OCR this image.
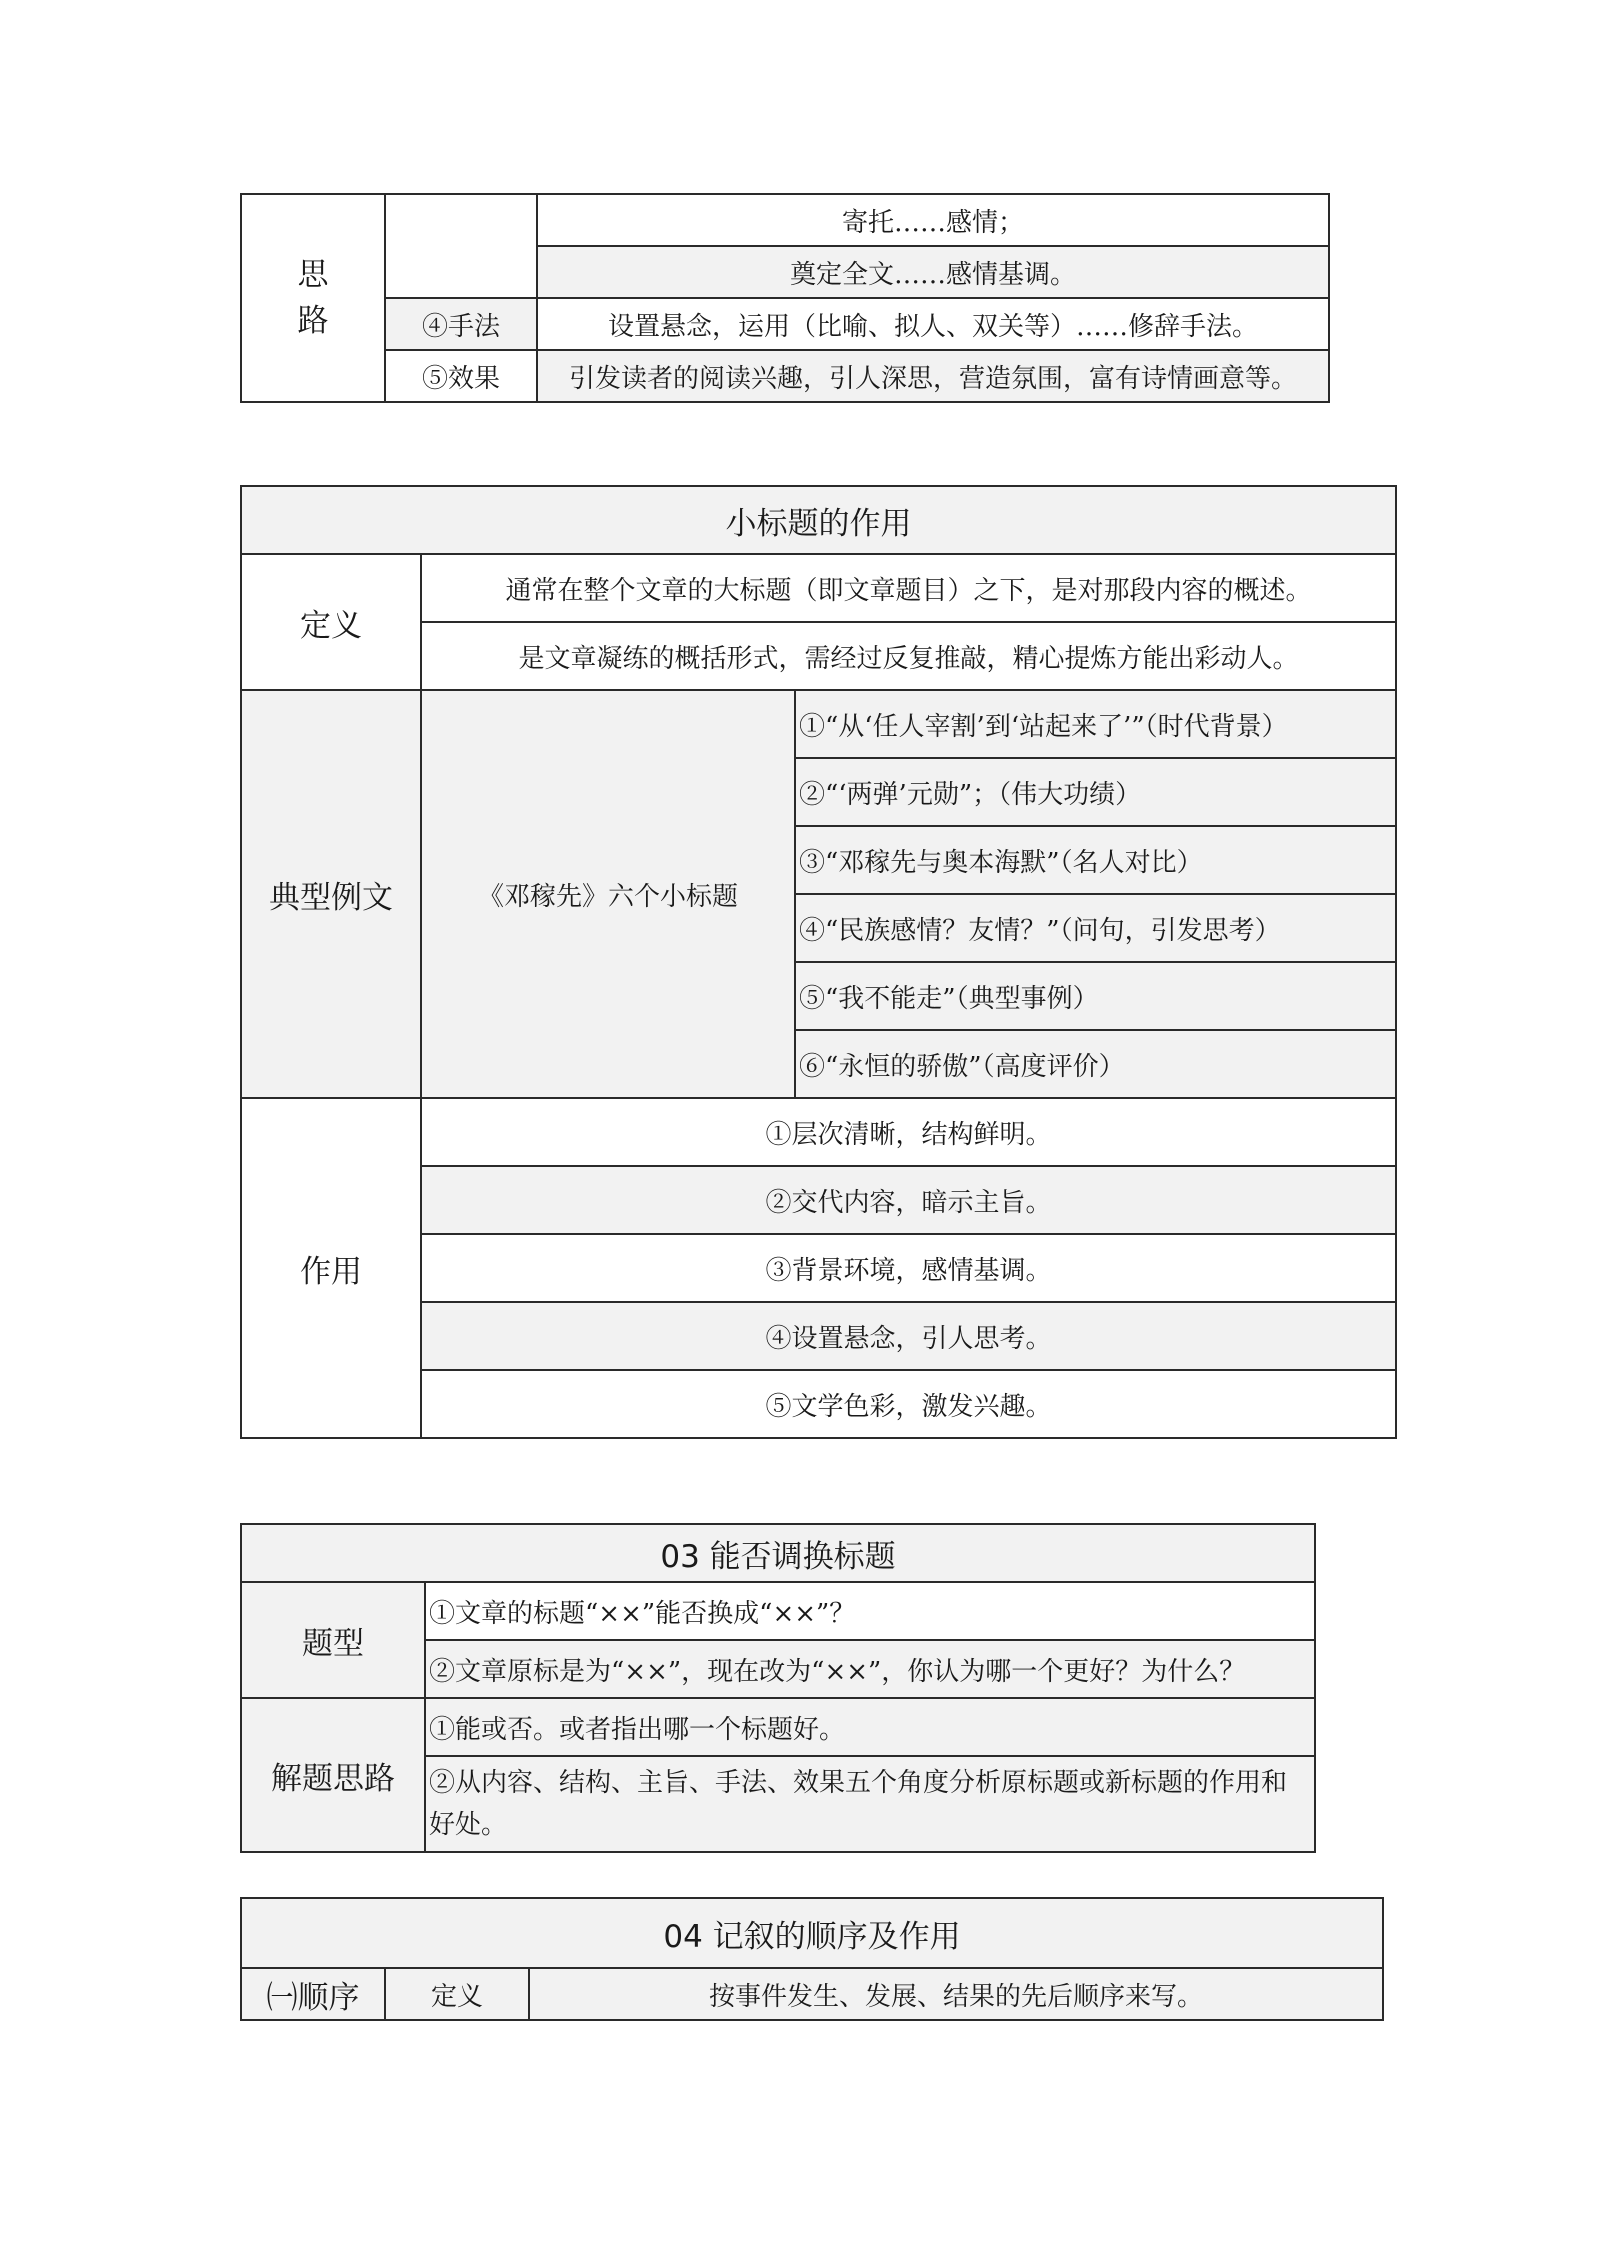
思
路		寄托……感情；
		奠定全文……感情基调。
	④手法	设置悬念，运用（比喻、拟人、双关等）……修辞手法。
	⑤效果	引发读者的阅读兴趣，引人深思，营造氛围，富有诗情画意等。
小标题的作用		
定义	通常在整个文章的大标题（即文章题目）之下，是对那段内容的概述。	
	是文章凝练的概括形式，需经过反复推敲，精心提炼方能出彩动人。	
典型例文	《邓稼先》六个小标题	①“从‘任人宰割’到‘站起来了’”（时代背景）
		②“‘两弹’元勋”；（伟大功绩）
		③“邓稼先与奥本海默”（名人对比）
		④“民族感情？友情？”（问句，引发思考）
		⑤“我不能走”（典型事例）
		⑥“永恒的骄傲”（高度评价）
作用	①层次清晰，结构鲜明。	
	②交代内容，暗示主旨。	
	③背景环境，感情基调。	
	④设置悬念，引人思考。	
	⑤文学色彩，激发兴趣。	
03 能否调换标题	
题型	①文章的标题“××”能否换成“××”？
	②文章原标是为“××”，现在改为“××”，你认为哪一个更好？为什么？
解题思路	①能或否。或者指出哪一个标题好。
	②从内容、结构、主旨、手法、效果五个角度分析原标题或新标题的作用和好处。
04 记叙的顺序及作用
㈠顺序	定义	按事件发生、发展、结果的先后顺序来写。
